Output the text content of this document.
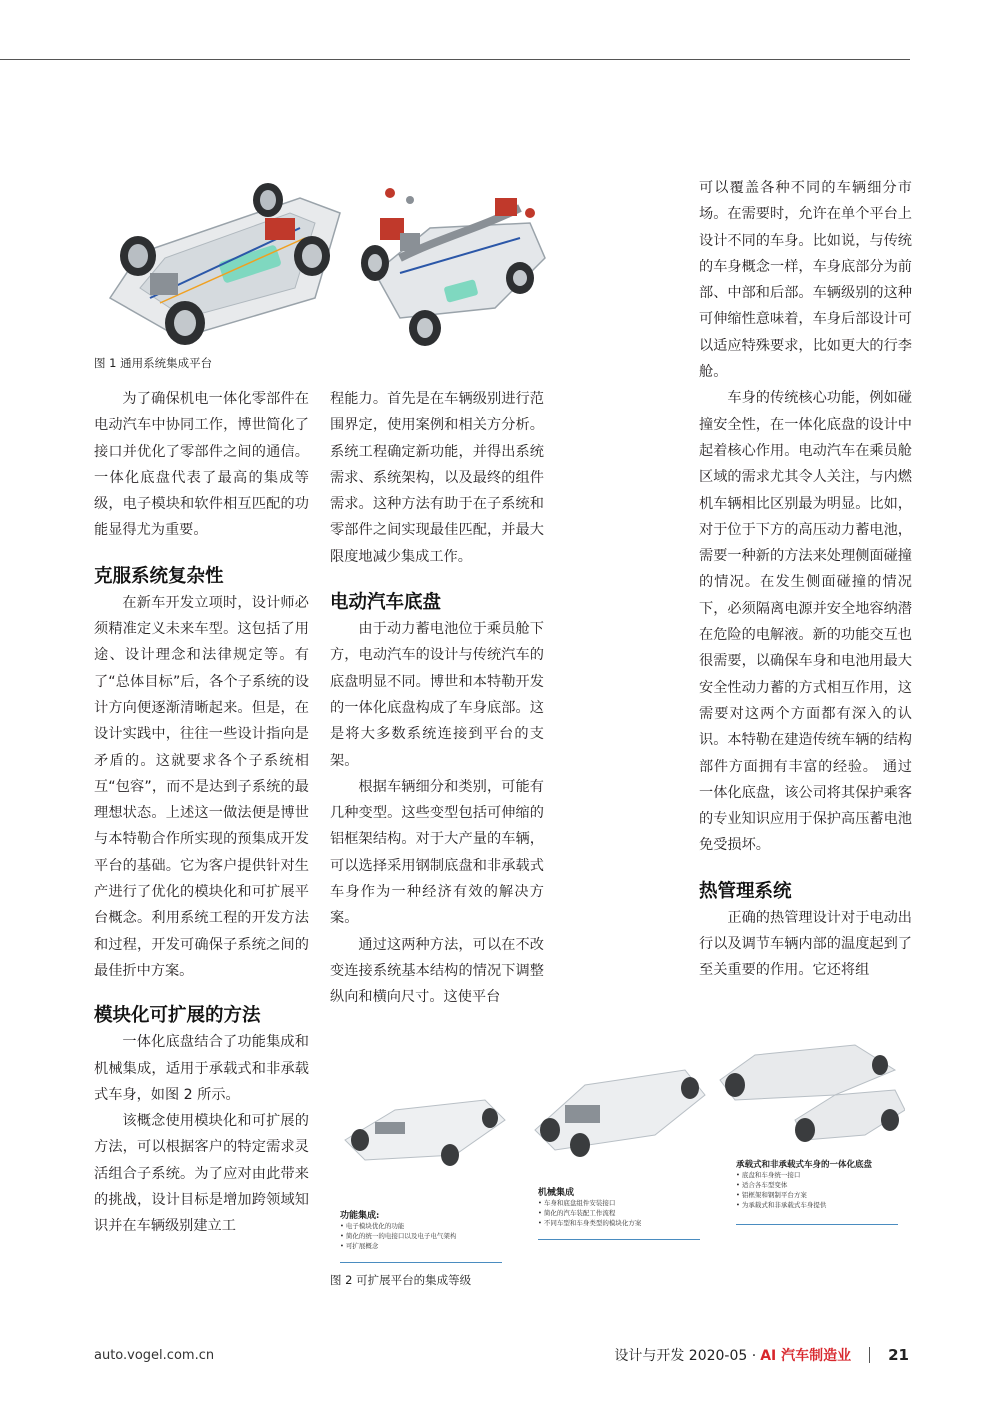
图 1 通用系统集成平台

为了确保机电一体化零部件在电动汽车中协同工作，博世简化了接口并优化了零部件之间的通信。一体化底盘代表了最高的集成等级，电子模块和软件相互匹配的功能显得尤为重要。

克服系统复杂性

在新车开发立项时，设计师必须精准定义未来车型。这包括了用途、设计理念和法律规定等。有了“总体目标”后，各个子系统的设计方向便逐渐清晰起来。但是，在设计实践中，往往一些设计指向是矛盾的。这就要求各个子系统相互“包容”，而不是达到子系统的最理想状态。上述这一做法便是博世与本特勒合作所实现的预集成开发平台的基础。它为客户提供针对生产进行了优化的模块化和可扩展平台概念。利用系统工程的开发方法和过程，开发可确保子系统之间的最佳折中方案。

模块化可扩展的方法

一体化底盘结合了功能集成和机械集成，适用于承载式和非承载式车身，如图 2 所示。

该概念使用模块化和可扩展的方法，可以根据客户的特定需求灵活组合子系统。为了应对由此带来的挑战，设计目标是增加跨领域知识并在车辆级别建立工

程能力。首先是在车辆级别进行范围界定，使用案例和相关方分析。系统工程确定新功能，并得出系统需求、系统架构，以及最终的组件需求。这种方法有助于在子系统和零部件之间实现最佳匹配，并最大限度地减少集成工作。

电动汽车底盘

由于动力蓄电池位于乘员舱下方，电动汽车的设计与传统汽车的底盘明显不同。博世和本特勒开发的一体化底盘构成了车身底部。这是将大多数系统连接到平台的支架。

根据车辆细分和类别，可能有几种变型。这些变型包括可伸缩的铝框架结构。对于大产量的车辆，可以选择采用钢制底盘和非承载式车身作为一种经济有效的解决方案。

通过这两种方法，可以在不改变连接系统基本结构的情况下调整纵向和横向尺寸。这使平台

可以覆盖各种不同的车辆细分市场。在需要时，允许在单个平台上设计不同的车身。比如说，与传统的车身概念一样，车身底部分为前部、中部和后部。车辆级别的这种可伸缩性意味着，车身后部设计可以适应特殊要求，比如更大的行李舱。

车身的传统核心功能，例如碰撞安全性，在一体化底盘的设计中起着核心作用。电动汽车在乘员舱区域的需求尤其令人关注，与内燃机车辆相比区别最为明显。比如，对于位于下方的高压动力蓄电池，需要一种新的方法来处理侧面碰撞的情况。在发生侧面碰撞的情况下，必须隔离电源并安全地容纳潜在危险的电解液。新的功能交互也很需要，以确保车身和电池用最大安全性动力蓄的方式相互作用，这需要对这两个方面都有深入的认识。本特勒在建造传统车辆的结构部件方面拥有丰富的经验。 通过一体化底盘，该公司将其保护乘客的专业知识应用于保护高压蓄电池免受损坏。

热管理系统

正确的热管理设计对于电动出行以及调节车辆内部的温度起到了至关重要的作用。它还将组

功能集成:
• 电子模块优化的功能
• 简化的统一的电接口以及电子电气架构
• 可扩展概念
机械集成
• 车身和底盘组件安装接口
• 简化的汽车装配工作流程
• 不同车型和车身类型的模块化方案
承载式和非承载式车身的一体化底盘
• 底盘和车身统一接口
• 适合各车型变体
• 铝框架和钢制平台方案
• 为承载式和非承载式车身提供
图 2 可扩展平台的集成等级
auto.vogel.com.cn	设计与开发 2020-05 · AI 汽车制造业 21
